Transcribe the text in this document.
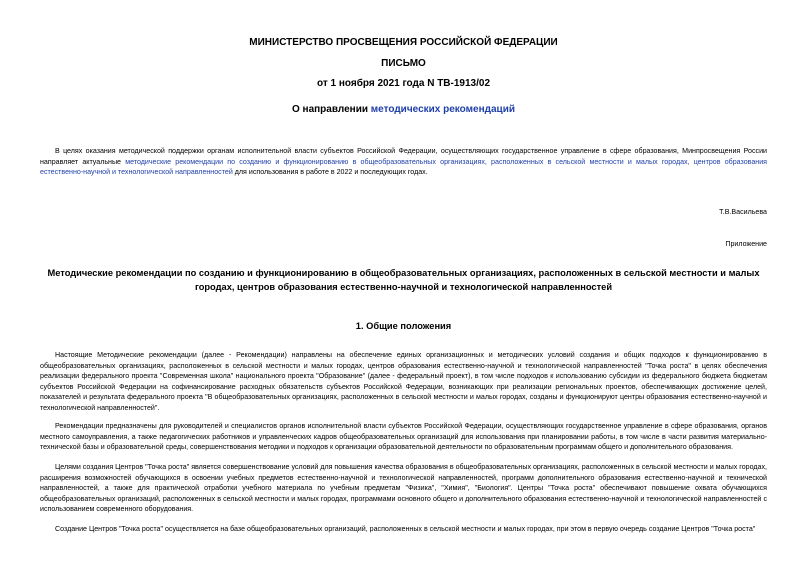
МИНИСТЕРСТВО ПРОСВЕЩЕНИЯ РОССИЙСКОЙ ФЕДЕРАЦИИ
ПИСЬМО
от 1 ноября 2021 года N ТВ-1913/02
О направлении методических рекомендаций
В целях оказания методической поддержки органам исполнительной власти субъектов Российской Федерации, осуществляющих государственное управление в сфере образования, Минпросвещения России направляет актуальные методические рекомендации по созданию и функционированию в общеобразовательных организациях, расположенных в сельской местности и малых городах, центров образования естественно-научной и технологической направленностей для использования в работе в 2022 и последующих годах.
Т.В.Васильева
Приложение
Методические рекомендации по созданию и функционированию в общеобразовательных организациях, расположенных в сельской местности и малых городах, центров образования естественно-научной и технологической направленностей
1. Общие положения
Настоящие Методические рекомендации (далее - Рекомендации) направлены на обеспечение единых организационных и методических условий создания и общих подходов к функционированию в общеобразовательных организациях, расположенных в сельской местности и малых городах, центров образования естественно-научной и технологической направленностей "Точка роста" в целях обеспечения реализации федерального проекта "Современная школа" национального проекта "Образование" (далее - федеральный проект), в том числе подходов к использованию субсидии из федерального бюджета бюджетам субъектов Российской Федерации на софинансирование расходных обязательств субъектов Российской Федерации, возникающих при реализации региональных проектов, обеспечивающих достижение целей, показателей и результата федерального проекта "В общеобразовательных организациях, расположенных в сельской местности и малых городах, созданы и функционируют центры образования естественно-научной и технологической направленностей".
Рекомендации предназначены для руководителей и специалистов органов исполнительной власти субъектов Российской Федерации, осуществляющих государственное управление в сфере образования, органов местного самоуправления, а также педагогических работников и управленческих кадров общеобразовательных организаций для использования при планировании работы, в том числе в части развития материально-технической базы и образовательной среды, совершенствования методики и подходов к организации образовательной деятельности по образовательным программам общего и дополнительного образования.
Целями создания Центров "Точка роста" является совершенствование условий для повышения качества образования в общеобразовательных организациях, расположенных в сельской местности и малых городах, расширения возможностей обучающихся в освоении учебных предметов естественно-научной и технологической направленностей, программ дополнительного образования естественно-научной и технической направленностей, а также для практической отработки учебного материала по учебным предметам "Физика", "Химия", "Биология". Центры "Точка роста" обеспечивают повышение охвата обучающихся общеобразовательных организаций, расположенных в сельской местности и малых городах, программами основного общего и дополнительного образования естественно-научной и технологической направленностей с использованием современного оборудования.
Создание Центров "Точка роста" осуществляется на базе общеобразовательных организаций, расположенных в сельской местности и малых городах, при этом в первую очередь создание Центров "Точка роста"
